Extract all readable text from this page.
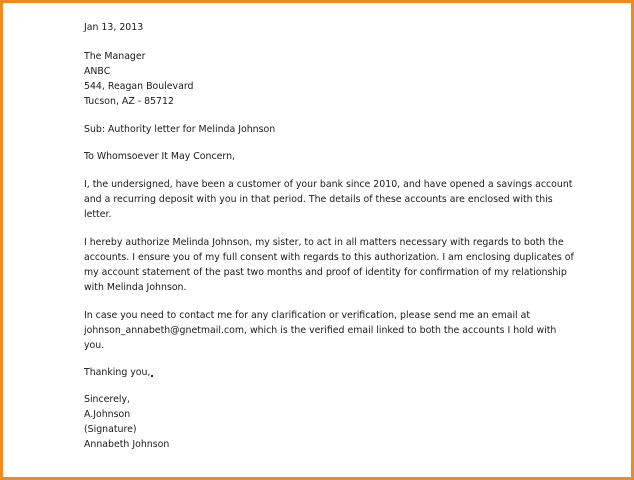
Jan 13, 2013

The Manager

ANBC

544, Reagan Boulevard

Tucson, AZ - 85712

Sub: Authority letter for Melinda Johnson

To Whomsoever It May Concern,

I, the undersigned, have been a customer of your bank since 2010, and have opened a savings account

and a recurring deposit with you in that period. The details of these accounts are enclosed with this

letter.

I hereby authorize Melinda Johnson, my sister, to act in all matters necessary with regards to both the

accounts. I ensure you of my full consent with regards to this authorization. I am enclosing duplicates of

my account statement of the past two months and proof of identity for confirmation of my relationship

with Melinda Johnson.

In case you need to contact me for any clarification or verification, please send me an email at

johnson_annabeth@gnetmail.com, which is the verified email linked to both the accounts I hold with

you.

Thanking you,

Sincerely,

A.Johnson

(Signature)

Annabeth Johnson
